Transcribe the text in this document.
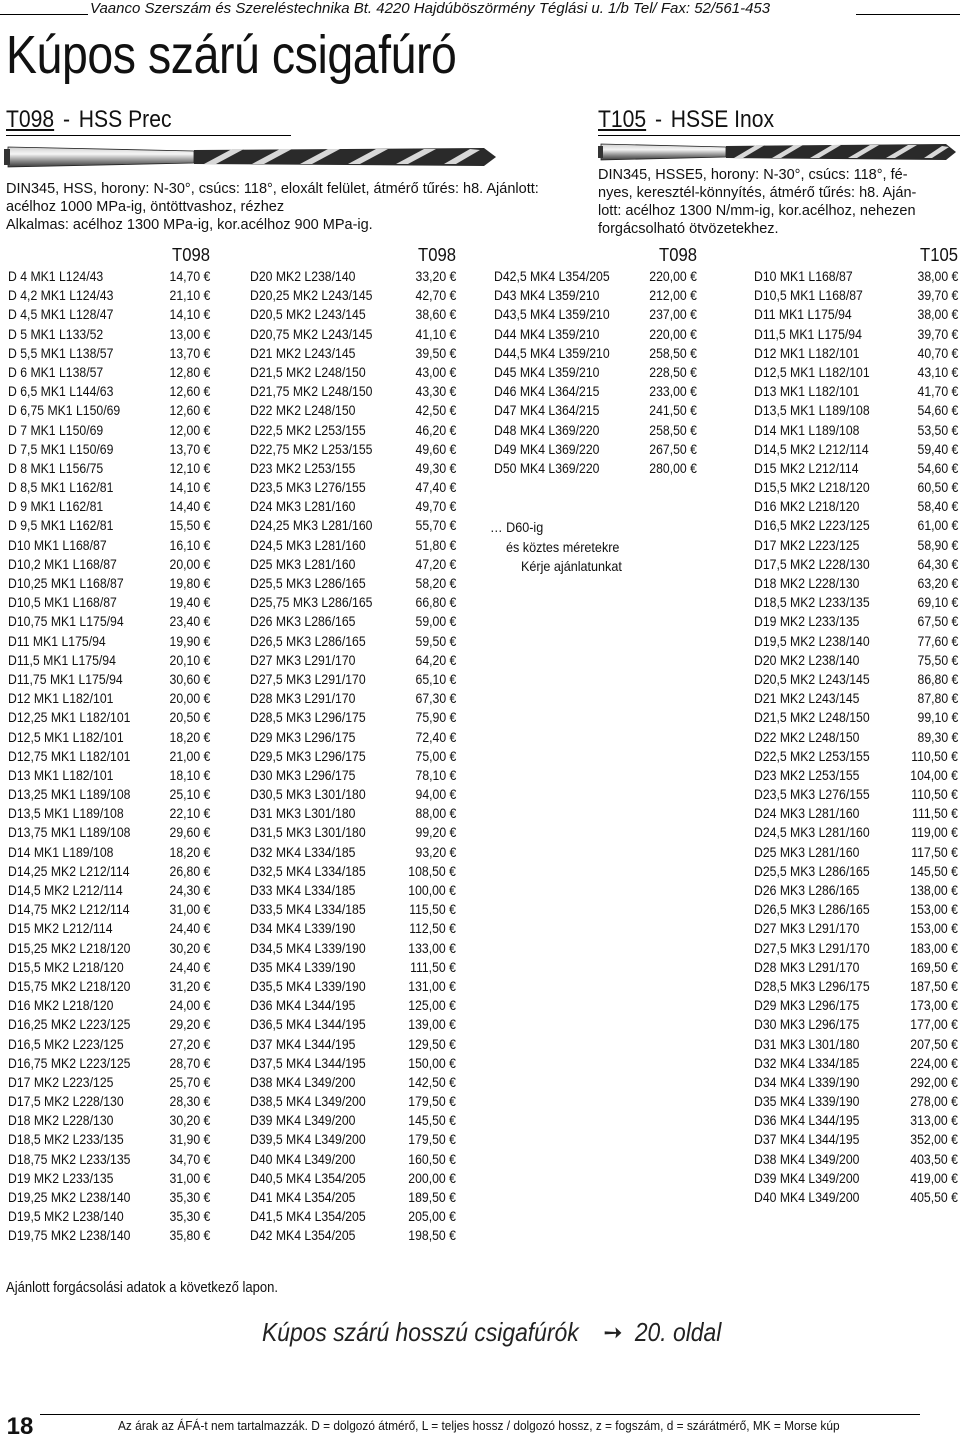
Vaanco Szerszám és Szereléstechnika Bt. 4220 Hajdúböszörmény Téglási u. 1/b Tel/ Fax: 52/561-453
Kúpos szárú csigafúró
T098 - HSS Prec
DIN345, HSS, horony: N-30°, csúcs: 118°, eloxált felület, átmérő tűrés: h8. Ajánlott:
acélhoz 1000 MPa-ig, öntöttvashoz, rézhez
Alkalmas: acélhoz 1300 MPa-ig, kor.acélhoz 900 MPa-ig.
T105 - HSSE Inox
DIN345, HSSE5, horony: N-30°, csúcs: 118°, fé-
nyes, keresztél-könnyítés, átmérő tűrés: h8. Aján-
lott: acélhoz 1300 N/mm-ig, kor.acélhoz, nehezen
forgácsolható ötvözetekhez.
T098	T098	T098	T105
D 4 MK1 L124/43	14,70 €
D 4,2 MK1 L124/43	21,10 €
D 4,5 MK1 L128/47	14,10 €
D 5 MK1 L133/52	13,00 €
D 5,5 MK1 L138/57	13,70 €
D 6 MK1 L138/57	12,80 €
D 6,5 MK1 L144/63	12,60 €
D 6,75 MK1 L150/69	12,60 €
D 7 MK1 L150/69	12,00 €
D 7,5 MK1 L150/69	13,70 €
D 8 MK1 L156/75	12,10 €
D 8,5 MK1 L162/81	14,10 €
D 9 MK1 L162/81	14,40 €
D 9,5 MK1 L162/81	15,50 €
D10 MK1 L168/87	16,10 €
D10,2 MK1 L168/87	20,00 €
D10,25 MK1 L168/87	19,80 €
D10,5 MK1 L168/87	19,40 €
D10,75 MK1 L175/94	23,40 €
D11 MK1 L175/94	19,90 €
D11,5 MK1 L175/94	20,10 €
D11,75 MK1 L175/94	30,60 €
D12 MK1 L182/101	20,00 €
D12,25 MK1 L182/101	20,50 €
D12,5 MK1 L182/101	18,20 €
D12,75 MK1 L182/101	21,00 €
D13 MK1 L182/101	18,10 €
D13,25 MK1 L189/108	25,10 €
D13,5 MK1 L189/108	22,10 €
D13,75 MK1 L189/108	29,60 €
D14 MK1 L189/108	18,20 €
D14,25 MK2 L212/114	26,80 €
D14,5 MK2 L212/114	24,30 €
D14,75 MK2 L212/114	31,00 €
D15 MK2 L212/114	24,40 €
D15,25 MK2 L218/120	30,20 €
D15,5 MK2 L218/120	24,40 €
D15,75 MK2 L218/120	31,20 €
D16 MK2 L218/120	24,00 €
D16,25 MK2 L223/125	29,20 €
D16,5 MK2 L223/125	27,20 €
D16,75 MK2 L223/125	28,70 €
D17 MK2 L223/125	25,70 €
D17,5 MK2 L228/130	28,30 €
D18 MK2 L228/130	30,20 €
D18,5 MK2 L233/135	31,90 €
D18,75 MK2 L233/135	34,70 €
D19 MK2 L233/135	31,00 €
D19,25 MK2 L238/140	35,30 €
D19,5 MK2 L238/140	35,30 €
D19,75 MK2 L238/140	35,80 €
D20 MK2 L238/140	33,20 €
D20,25 MK2 L243/145	42,70 €
D20,5 MK2 L243/145	38,60 €
D20,75 MK2 L243/145	41,10 €
D21 MK2 L243/145	39,50 €
D21,5 MK2 L248/150	43,00 €
D21,75 MK2 L248/150	43,30 €
D22 MK2 L248/150	42,50 €
D22,5 MK2 L253/155	46,20 €
D22,75 MK2 L253/155	49,60 €
D23 MK2 L253/155	49,30 €
D23,5 MK3 L276/155	47,40 €
D24 MK3 L281/160	49,70 €
D24,25 MK3 L281/160	55,70 €
D24,5 MK3 L281/160	51,80 €
D25 MK3 L281/160	47,20 €
D25,5 MK3 L286/165	58,20 €
D25,75 MK3 L286/165	66,80 €
D26 MK3 L286/165	59,00 €
D26,5 MK3 L286/165	59,50 €
D27 MK3 L291/170	64,20 €
D27,5 MK3 L291/170	65,10 €
D28 MK3 L291/170	67,30 €
D28,5 MK3 L296/175	75,90 €
D29 MK3 L296/175	72,40 €
D29,5 MK3 L296/175	75,00 €
D30 MK3 L296/175	78,10 €
D30,5 MK3 L301/180	94,00 €
D31 MK3 L301/180	88,00 €
D31,5 MK3 L301/180	99,20 €
D32 MK4 L334/185	93,20 €
D32,5 MK4 L334/185	108,50 €
D33 MK4 L334/185	100,00 €
D33,5 MK4 L334/185	115,50 €
D34 MK4 L339/190	112,50 €
D34,5 MK4 L339/190	133,00 €
D35 MK4 L339/190	111,50 €
D35,5 MK4 L339/190	131,00 €
D36 MK4 L344/195	125,00 €
D36,5 MK4 L344/195	139,00 €
D37 MK4 L344/195	129,50 €
D37,5 MK4 L344/195	150,00 €
D38 MK4 L349/200	142,50 €
D38,5 MK4 L349/200	179,50 €
D39 MK4 L349/200	145,50 €
D39,5 MK4 L349/200	179,50 €
D40 MK4 L349/200	160,50 €
D40,5 MK4 L354/205	200,00 €
D41 MK4 L354/205	189,50 €
D41,5 MK4 L354/205	205,00 €
D42 MK4 L354/205	198,50 €
D42,5 MK4 L354/205	220,00 €
D43 MK4 L359/210	212,00 €
D43,5 MK4 L359/210	237,00 €
D44 MK4 L359/210	220,00 €
D44,5 MK4 L359/210	258,50 €
D45 MK4 L359/210	228,50 €
D46 MK4 L364/215	233,00 €
D47 MK4 L364/215	241,50 €
D48 MK4 L369/220	258,50 €
D49 MK4 L369/220	267,50 €
D50 MK4 L369/220	280,00 €
D10 MK1 L168/87	38,00 €
D10,5 MK1 L168/87	39,70 €
D11 MK1 L175/94	38,00 €
D11,5 MK1 L175/94	39,70 €
D12 MK1 L182/101	40,70 €
D12,5 MK1 L182/101	43,10 €
D13 MK1 L182/101	41,70 €
D13,5 MK1 L189/108	54,60 €
D14 MK1 L189/108	53,50 €
D14,5 MK2 L212/114	59,40 €
D15 MK2 L212/114	54,60 €
D15,5 MK2 L218/120	60,50 €
D16 MK2 L218/120	58,40 €
D16,5 MK2 L223/125	61,00 €
D17 MK2 L223/125	58,90 €
D17,5 MK2 L228/130	64,30 €
D18 MK2 L228/130	63,20 €
D18,5 MK2 L233/135	69,10 €
D19 MK2 L233/135	67,50 €
D19,5 MK2 L238/140	77,60 €
D20 MK2 L238/140	75,50 €
D20,5 MK2 L243/145	86,80 €
D21 MK2 L243/145	87,80 €
D21,5 MK2 L248/150	99,10 €
D22 MK2 L248/150	89,30 €
D22,5 MK2 L253/155	110,50 €
D23 MK2 L253/155	104,00 €
D23,5 MK3 L276/155	110,50 €
D24 MK3 L281/160	111,50 €
D24,5 MK3 L281/160	119,00 €
D25 MK3 L281/160	117,50 €
D25,5 MK3 L286/165	145,50 €
D26 MK3 L286/165	138,00 €
D26,5 MK3 L286/165	153,00 €
D27 MK3 L291/170	153,00 €
D27,5 MK3 L291/170	183,00 €
D28 MK3 L291/170	169,50 €
D28,5 MK3 L296/175	187,50 €
D29 MK3 L296/175	173,00 €
D30 MK3 L296/175	177,00 €
D31 MK3 L301/180	207,50 €
D32 MK4 L334/185	224,00 €
D34 MK4 L339/190	292,00 €
D35 MK4 L339/190	278,00 €
D36 MK4 L344/195	313,00 €
D37 MK4 L344/195	352,00 €
D38 MK4 L349/200	403,50 €
D39 MK4 L349/200	419,00 €
D40 MK4 L349/200	405,50 €
… D60-ig
és köztes méretekre
Kérje ajánlatunkat
Ajánlott forgácsolási adatok a következő lapon.
Kúpos szárú hosszú csigafúrók ➙ 20. oldal
18	Az árak az ÁFÁ-t nem tartalmazzák. D = dolgozó átmérő, L = teljes hossz / dolgozó hossz, z = fogszám, d = szárátmérő, MK = Morse kúp
